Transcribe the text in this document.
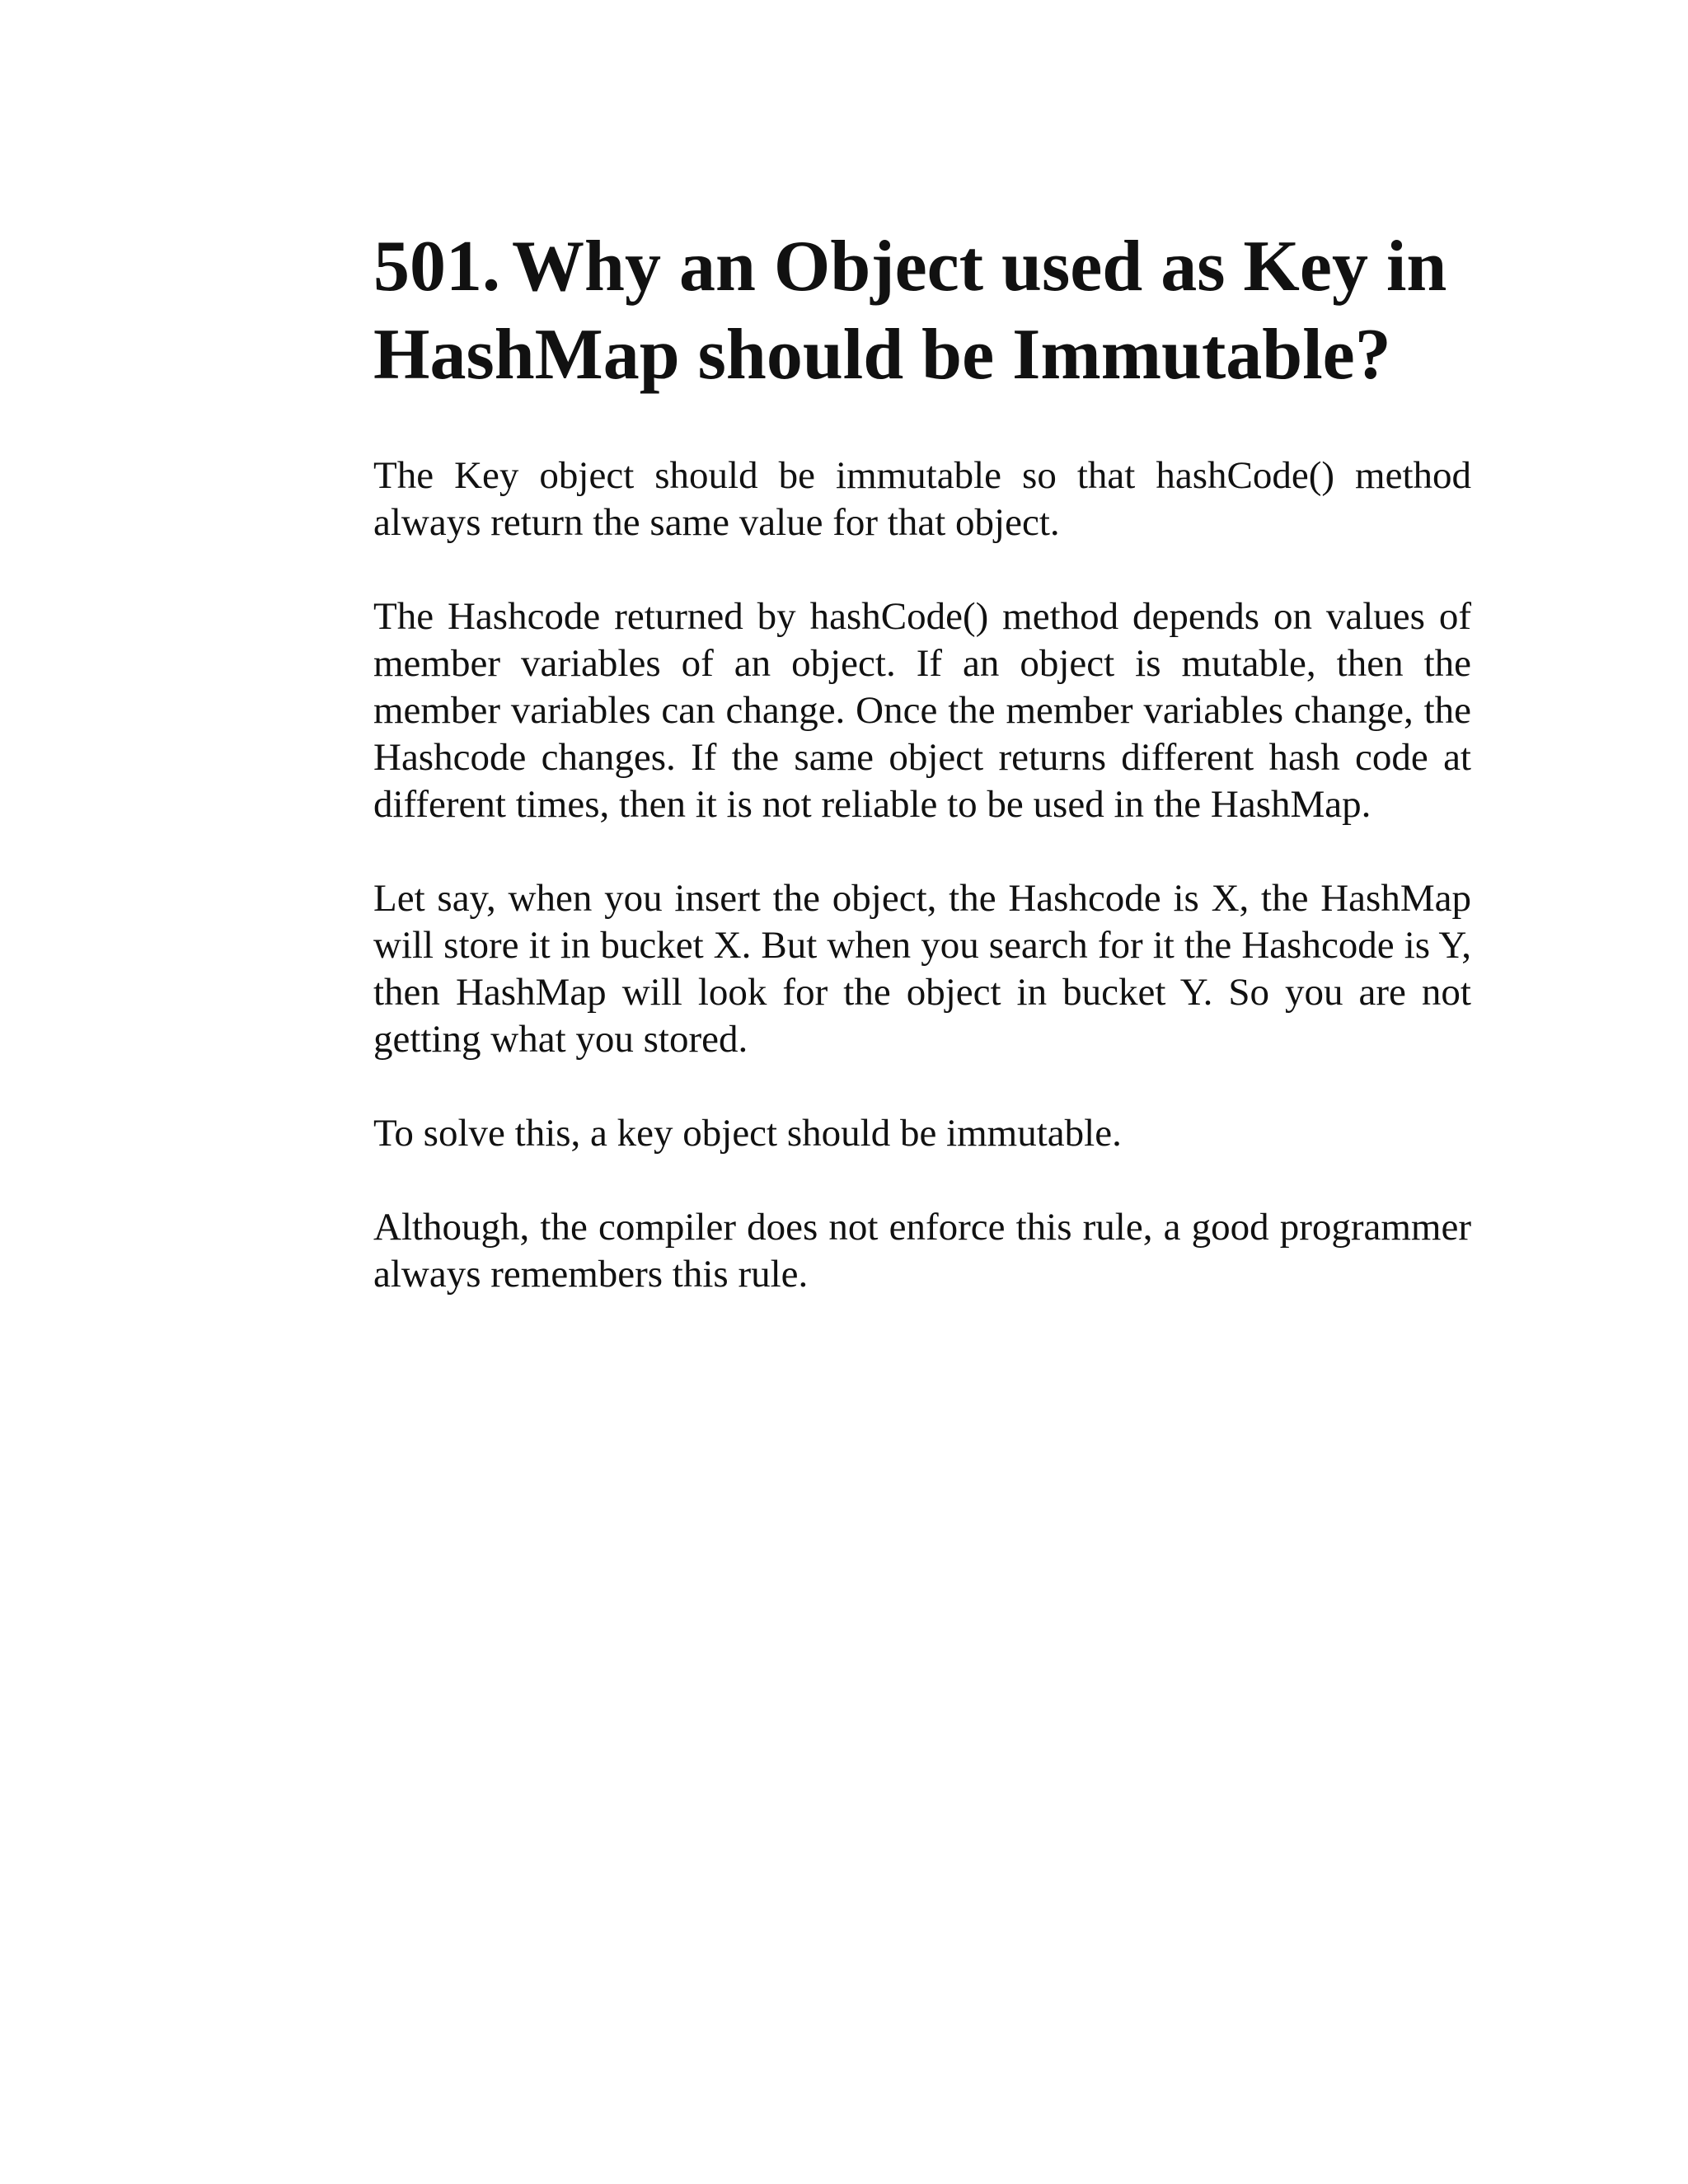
501. Why an Object used as Key in HashMap should be Immutable?

The Key object should be immutable so that hashCode() method always return the same value for that object.

The Hashcode returned by hashCode() method depends on values of member variables of an object. If an object is mutable, then the member variables can change. Once the member variables change, the Hashcode changes. If the same object returns different hash code at different times, then it is not reliable to be used in the HashMap.

Let say, when you insert the object, the Hashcode is X, the HashMap will store it in bucket X. But when you search for it the Hashcode is Y, then HashMap will look for the object in bucket Y. So you are not getting what you stored.

To solve this, a key object should be immutable.

Although, the compiler does not enforce this rule, a good programmer always remembers this rule.
